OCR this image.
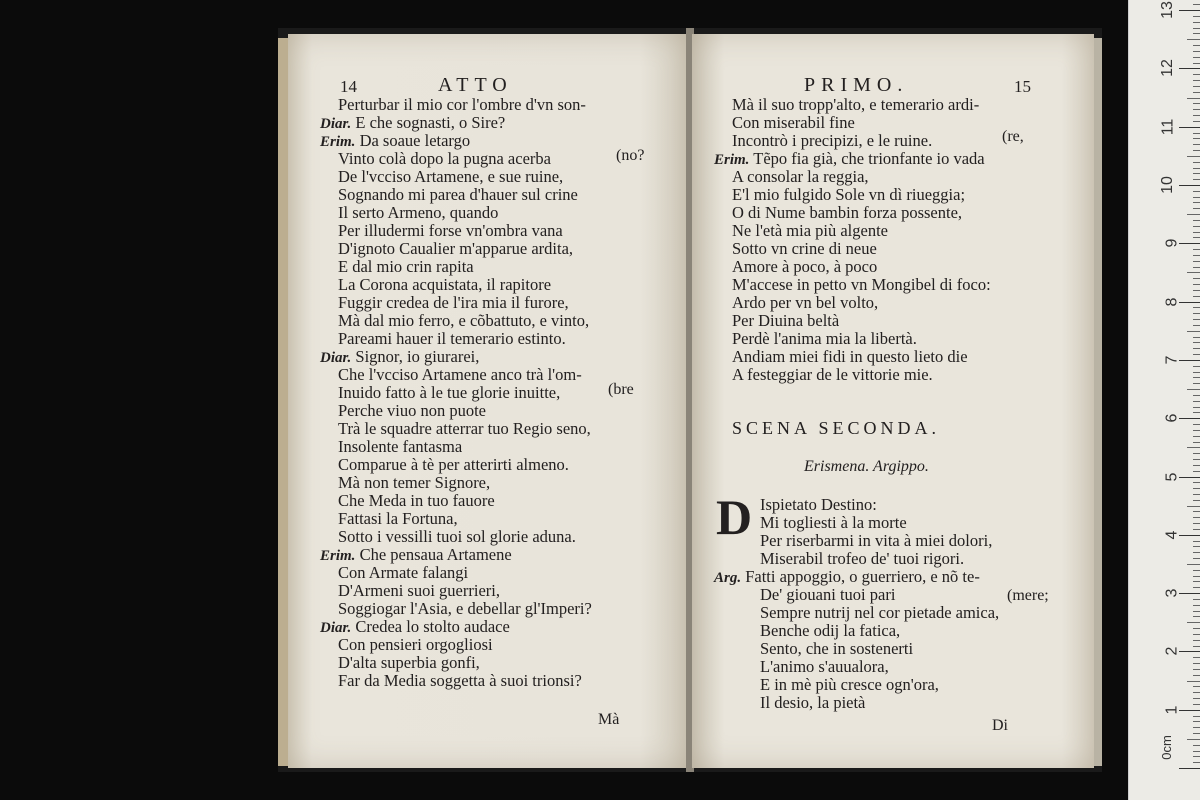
14	ATTO
Perturbar il mio cor l'ombre d'vn son-
Diar. E che sognasti, o Sire?
Erim. Da soaue letargo
Vinto colà dopo la pugna acerba
De l'vcciso Artamene, e sue ruine,
Sognando mi parea d'hauer sul crine
Il serto Armeno, quando
Per illudermi forse vn'ombra vana
D'ignoto Caualier m'apparue ardita,
E dal mio crin rapita
La Corona acquistata, il rapitore
Fuggir credea de l'ira mia il furore,
Mà dal mio ferro, e cõbattuto, e vinto,
Pareami hauer il temerario estinto.
Diar. Signor, io giurarei,
Che l'vcciso Artamene anco trà l'om-
Inuido fatto à le tue glorie inuitte,
Perche viuo non puote
Trà le squadre atterrar tuo Regio seno,
Insolente fantasma
Comparue à tè per atterirti almeno.
Mà non temer Signore,
Che Meda in tuo fauore
Fattasi la Fortuna,
Sotto i vessilli tuoi sol glorie aduna.
Erim. Che pensaua Artamene
Con Armate falangi
D'Armeni suoi guerrieri,
Soggiogar l'Asia, e debellar gl'Imperi?
Diar. Credea lo stolto audace
Con pensieri orgogliosi
D'alta superbia gonfi,
Far da Media soggetta à suoi trionsi?
(no?
(bre
Mà
PRIMO.	15
Mà il suo tropp'alto, e temerario ardi-
Con miserabil fine
Incontrò i precipizi, e le ruine.
Erim. Tẽpo fia già, che trionfante io vada
A consolar la reggia,
E'l mio fulgido Sole vn dì riueggia;
O di Nume bambin forza possente,
Ne l'età mia più algente
Sotto vn crine di neue
Amore à poco, à poco
M'accese in petto vn Mongibel di foco:
Ardo per vn bel volto,
Per Diuina beltà
Perdè l'anima mia la libertà.
Andiam miei fidi in questo lieto die
A festeggiar de le vittorie mie.
(re,
SCENA SECONDA.
Erismena. Argippo.
D Ispietato Destino:
Mi togliesti à la morte
Per riserbarmi in vita à miei dolori,
Miserabil trofeo de' tuoi rigori.
Arg. Fatti appoggio, o guerriero, e nõ te-
De' giouani tuoi pari
Sempre nutrij nel cor pietade amica,
Benche odij la fatica,
Sento, che in sostenerti
L'animo s'auualora,
E in mè più cresce ogn'ora,
Il desio, la pietà
(mere;
Di
0cm
1
2
3
4
5
6
7
8
9
10
11
12
13
